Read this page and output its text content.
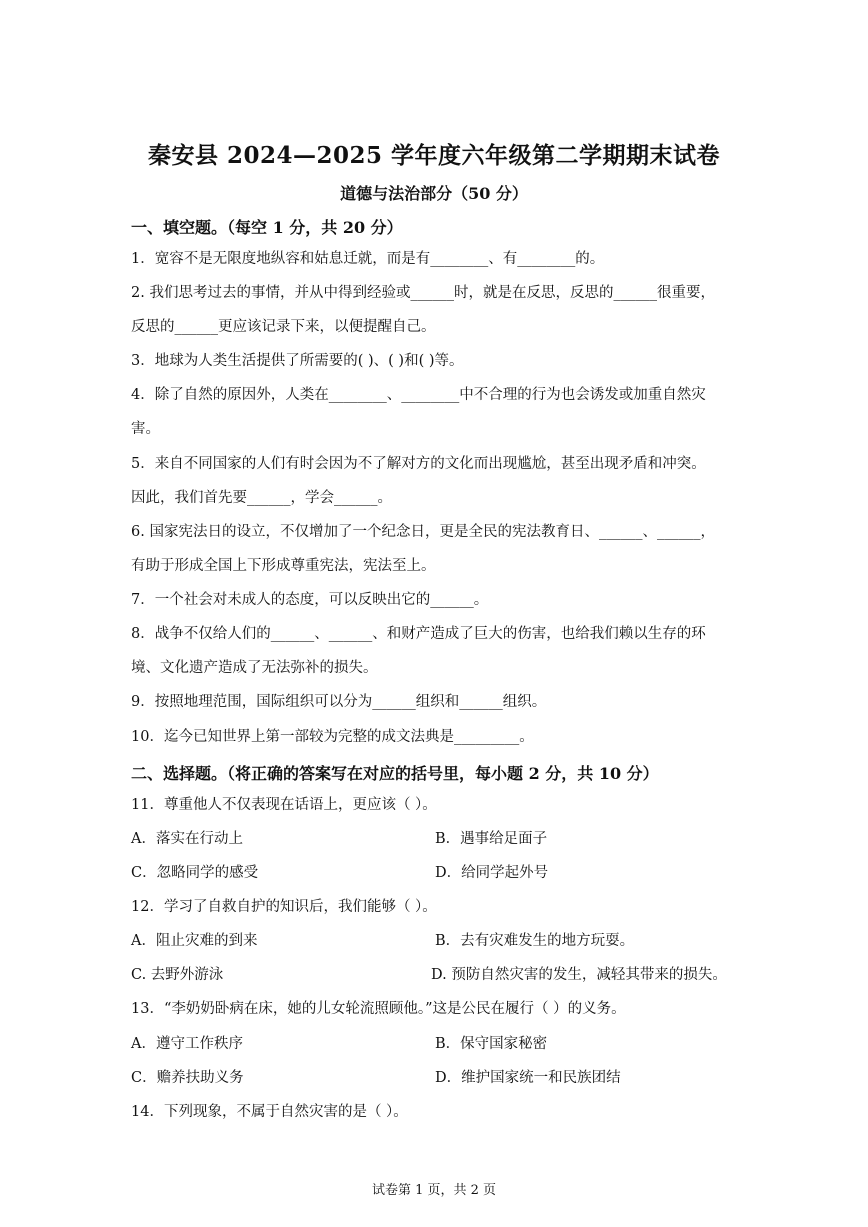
秦安县 2024—2025 学年度六年级第二学期期末试卷
道德与法治部分（50 分）
一、填空题。（每空 1 分，共 20 分）
1．宽容不是无限度地纵容和姑息迁就，而是有________、有________的。
2. 我们思考过去的事情，并从中得到经验或______时，就是在反思，反思的______很重要，
反思的______更应该记录下来，以便提醒自己。
3．地球为人类生活提供了所需要的( )、( )和( )等。
4．除了自然的原因外，人类在________、________中不合理的行为也会诱发或加重自然灾
害。
5．来自不同国家的人们有时会因为不了解对方的文化而出现尴尬，甚至出现矛盾和冲突。
因此，我们首先要______，学会______。
6. 国家宪法日的设立，不仅增加了一个纪念日，更是全民的宪法教育日、______、______，
有助于形成全国上下形成尊重宪法，宪法至上。
7．一个社会对未成人的态度，可以反映出它的______。
8．战争不仅给人们的______、______、和财产造成了巨大的伤害，也给我们赖以生存的环
境、文化遗产造成了无法弥补的损失。
9．按照地理范围，国际组织可以分为______组织和______组织。
10．迄今已知世界上第一部较为完整的成文法典是_________。
二、选择题。（将正确的答案写在对应的括号里，每小题 2 分，共 10 分）
11．尊重他人不仅表现在话语上，更应该（ ）。
A．落实在行动上	B．遇事给足面子
C．忽略同学的感受	D．给同学起外号
12．学习了自救自护的知识后，我们能够（ ）。
A．阻止灾难的到来	B．去有灾难发生的地方玩耍。
C. 去野外游泳	D. 预防自然灾害的发生，减轻其带来的损失。
13．“李奶奶卧病在床，她的儿女轮流照顾他。”这是公民在履行（ ）的义务。
A．遵守工作秩序	B．保守国家秘密
C．赡养扶助义务	D．维护国家统一和民族团结
14．下列现象，不属于自然灾害的是（ ）。
试卷第 1 页，共 2 页
